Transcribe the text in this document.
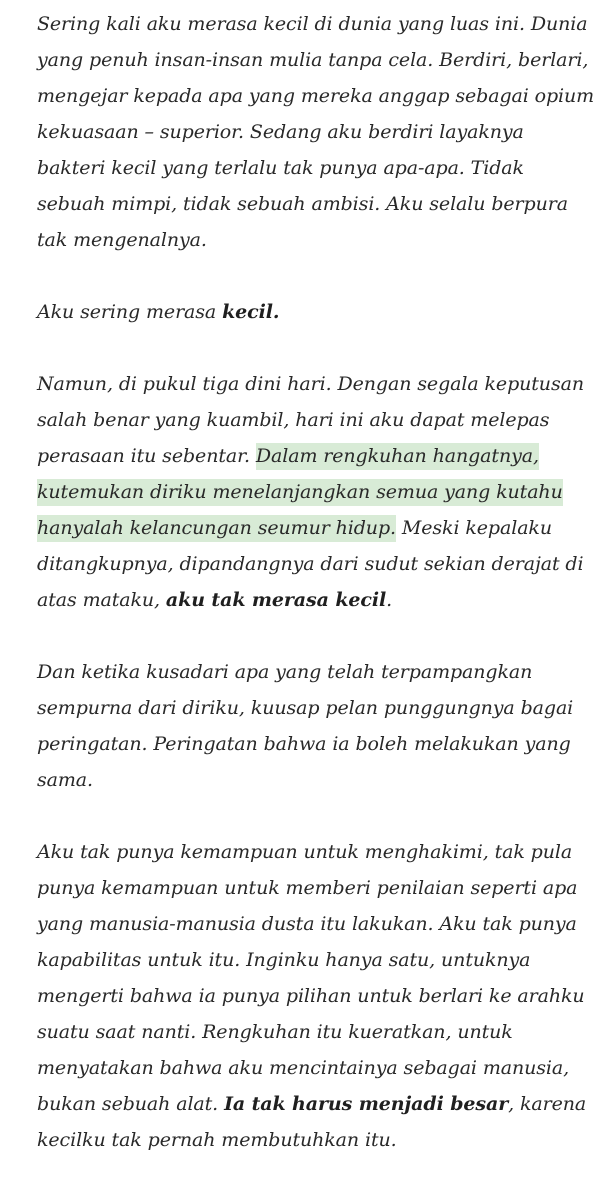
Sering kali aku merasa kecil di dunia yang luas ini. Dunia yang penuh insan-insan mulia tanpa cela. Berdiri, berlari, mengejar kepada apa yang mereka anggap sebagai opium kekuasaan – superior. Sedang aku berdiri layaknya bakteri kecil yang terlalu tak punya apa-apa. Tidak sebuah mimpi, tidak sebuah ambisi. Aku selalu berpura tak mengenalnya.

Aku sering merasa kecil.

Namun, di pukul tiga dini hari. Dengan segala keputusan salah benar yang kuambil, hari ini aku dapat melepas perasaan itu sebentar. Dalam rengkuhan hangatnya, kutemukan diriku menelanjangkan semua yang kutahu hanyalah kelancungan seumur hidup. Meski kepalaku ditangkupnya, dipandangnya dari sudut sekian derajat di atas mataku, aku tak merasa kecil.

Dan ketika kusadari apa yang telah terpampangkan sempurna dari diriku, kuusap pelan punggungnya bagai peringatan. Peringatan bahwa ia boleh melakukan yang sama.

Aku tak punya kemampuan untuk menghakimi, tak pula punya kemampuan untuk memberi penilaian seperti apa yang manusia-manusia dusta itu lakukan. Aku tak punya kapabilitas untuk itu. Inginku hanya satu, untuknya mengerti bahwa ia punya pilihan untuk berlari ke arahku suatu saat nanti. Rengkuhan itu kueratkan, untuk menyatakan bahwa aku mencintainya sebagai manusia, bukan sebuah alat. Ia tak harus menjadi besar, karena kecilku tak pernah membutuhkan itu.
